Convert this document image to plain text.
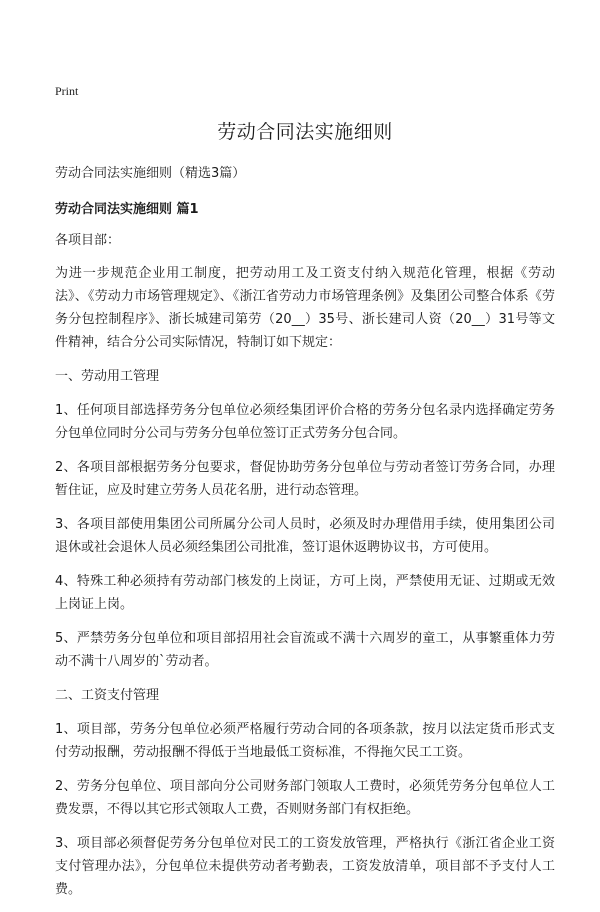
Print
劳动合同法实施细则
劳动合同法实施细则（精选3篇）
劳动合同法实施细则 篇1

各项目部：

为进一步规范企业用工制度，把劳动用工及工资支付纳入规范化管理，根据《劳动法》、《劳动力市场管理规定》、《浙江省劳动力市场管理条例》及集团公司整合体系《劳务分包控制程序》、浙长城建司第劳（20__）35号、浙长建司人资（20__）31号等文件精神，结合分公司实际情况，特制订如下规定：

一、劳动用工管理

1、任何项目部选择劳务分包单位必须经集团评价合格的劳务分包名录内选择确定劳务分包单位同时分公司与劳务分包单位签订正式劳务分包合同。

2、各项目部根据劳务分包要求，督促协助劳务分包单位与劳动者签订劳务合同，办理暂住证，应及时建立劳务人员花名册，进行动态管理。

3、各项目部使用集团公司所属分公司人员时，必须及时办理借用手续，使用集团公司退休或社会退休人员必须经集团公司批准，签订退休返聘协议书，方可使用。

4、特殊工种必须持有劳动部门核发的上岗证，方可上岗，严禁使用无证、过期或无效上岗证上岗。

5、严禁劳务分包单位和项目部招用社会盲流或不满十六周岁的童工，从事繁重体力劳动不满十八周岁的`劳动者。

二、工资支付管理

1、项目部，劳务分包单位必须严格履行劳动合同的各项条款，按月以法定货币形式支付劳动报酬，劳动报酬不得低于当地最低工资标准，不得拖欠民工工资。

2、劳务分包单位、项目部向分公司财务部门领取人工费时，必须凭劳务分包单位人工费发票，不得以其它形式领取人工费，否则财务部门有权拒绝。

3、项目部必须督促劳务分包单位对民工的工资发放管理，严格执行《浙江省企业工资支付管理办法》，分包单位未提供劳动者考勤表，工资发放清单，项目部不予支付人工费。
